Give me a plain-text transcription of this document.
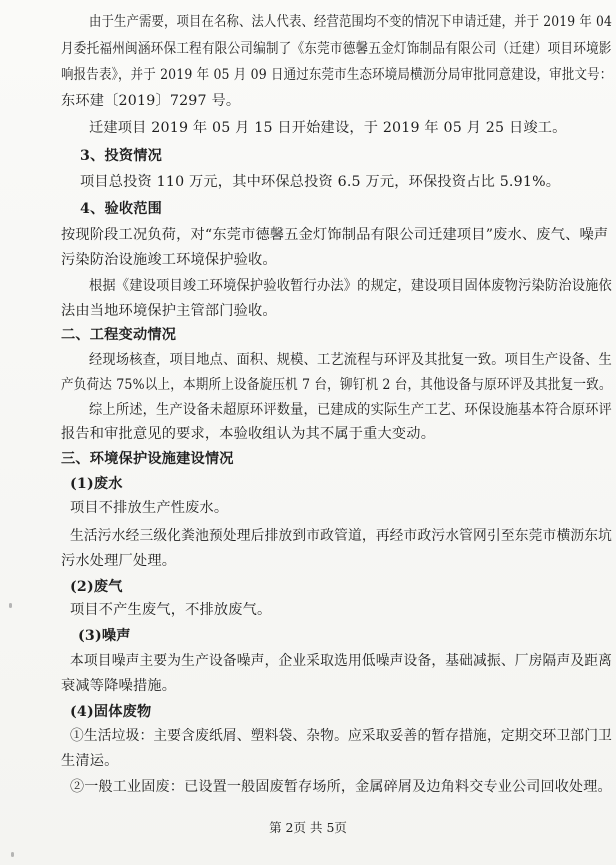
由于生产需要，项目在名称、法人代表、经营范围均不变的情况下申请迁建，并于 2019 年 04
月委托福州闽涵环保工程有限公司编制了《东莞市德馨五金灯饰制品有限公司（迁建）项目环境影
响报告表》，并于 2019 年 05 月 09 日通过东莞市生态环境局横沥分局审批同意建设，审批文号：
东环建〔2019〕7297 号。
迁建项目 2019 年 05 月 15 日开始建设，于 2019 年 05 月 25 日竣工。
3、投资情况
项目总投资 110 万元，其中环保总投资 6.5 万元，环保投资占比 5.91%。
4、验收范围
按现阶段工况负荷，对“东莞市德馨五金灯饰制品有限公司迁建项目”废水、废气、噪声
污染防治设施竣工环境保护验收。
根据《建设项目竣工环境保护验收暂行办法》的规定，建设项目固体废物污染防治设施依
法由当地环境保护主管部门验收。
二、工程变动情况
经现场核查，项目地点、面积、规模、工艺流程与环评及其批复一致。项目生产设备、生
产负荷达 75%以上，本期所上设备旋压机 7 台，铆钉机 2 台，其他设备与原环评及其批复一致。
综上所述，生产设备未超原环评数量，已建成的实际生产工艺、环保设施基本符合原环评
报告和审批意见的要求，本验收组认为其不属于重大变动。
三、环境保护设施建设情况
(1)废水
项目不排放生产性废水。
生活污水经三级化粪池预处理后排放到市政管道，再经市政污水管网引至东莞市横沥东坑
污水处理厂处理。
(2)废气
项目不产生废气，不排放废气。
(3)噪声
本项目噪声主要为生产设备噪声，企业采取选用低噪声设备，基础减振、厂房隔声及距离
衰减等降噪措施。
(4)固体废物
①生活垃圾：主要含废纸屑、塑料袋、杂物。应采取妥善的暂存措施，定期交环卫部门卫
生清运。
②一般工业固废：已设置一般固废暂存场所，金属碎屑及边角料交专业公司回收处理。
第 2页 共 5页
